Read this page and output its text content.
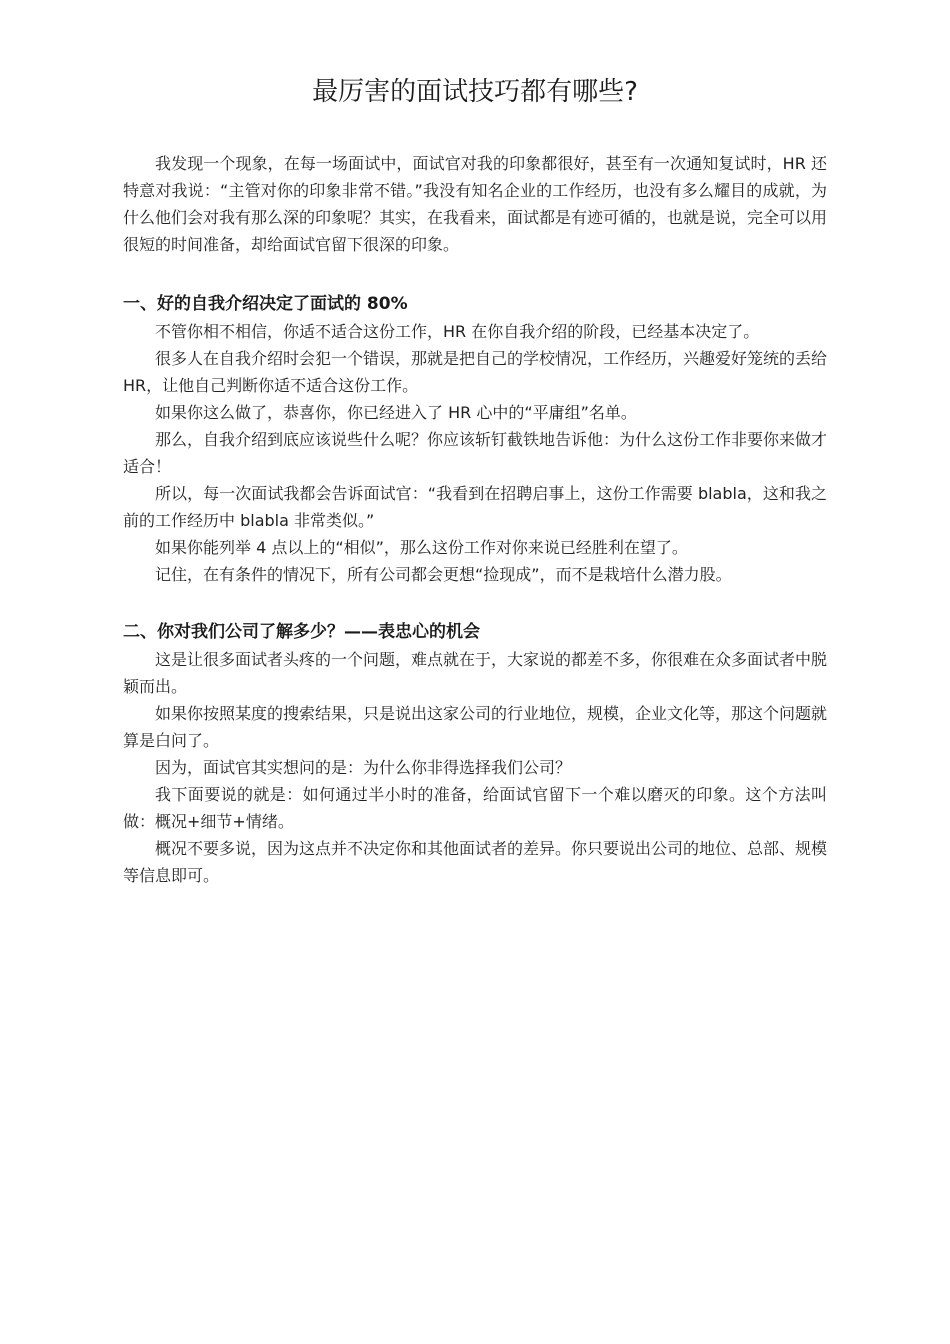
最厉害的面试技巧都有哪些?

我发现一个现象，在每一场面试中，面试官对我的印象都很好，甚至有一次通知复试时，HR 还特意对我说：“主管对你的印象非常不错。”我没有知名企业的工作经历，也没有多么耀目的成就，为什么他们会对我有那么深的印象呢？其实，在我看来，面试都是有迹可循的，也就是说，完全可以用很短的时间准备，却给面试官留下很深的印象。

一、好的自我介绍决定了面试的 80%

不管你相不相信，你适不适合这份工作，HR 在你自我介绍的阶段，已经基本决定了。

很多人在自我介绍时会犯一个错误，那就是把自己的学校情况，工作经历，兴趣爱好笼统的丢给 HR，让他自己判断你适不适合这份工作。

如果你这么做了，恭喜你，你已经进入了 HR 心中的“平庸组”名单。

那么，自我介绍到底应该说些什么呢？你应该斩钉截铁地告诉他：为什么这份工作非要你来做才适合！

所以，每一次面试我都会告诉面试官：“我看到在招聘启事上，这份工作需要 blabla，这和我之前的工作经历中 blabla 非常类似。”

如果你能列举 4 点以上的“相似”，那么这份工作对你来说已经胜利在望了。

记住，在有条件的情况下，所有公司都会更想“捡现成”，而不是栽培什么潜力股。

二、你对我们公司了解多少？——表忠心的机会

这是让很多面试者头疼的一个问题，难点就在于，大家说的都差不多，你很难在众多面试者中脱颖而出。

如果你按照某度的搜索结果，只是说出这家公司的行业地位，规模，企业文化等，那这个问题就算是白问了。

因为，面试官其实想问的是：为什么你非得选择我们公司？

我下面要说的就是：如何通过半小时的准备，给面试官留下一个难以磨灭的印象。这个方法叫做：概况+细节+情绪。

概况不要多说，因为这点并不决定你和其他面试者的差异。你只要说出公司的地位、总部、规模等信息即可。
